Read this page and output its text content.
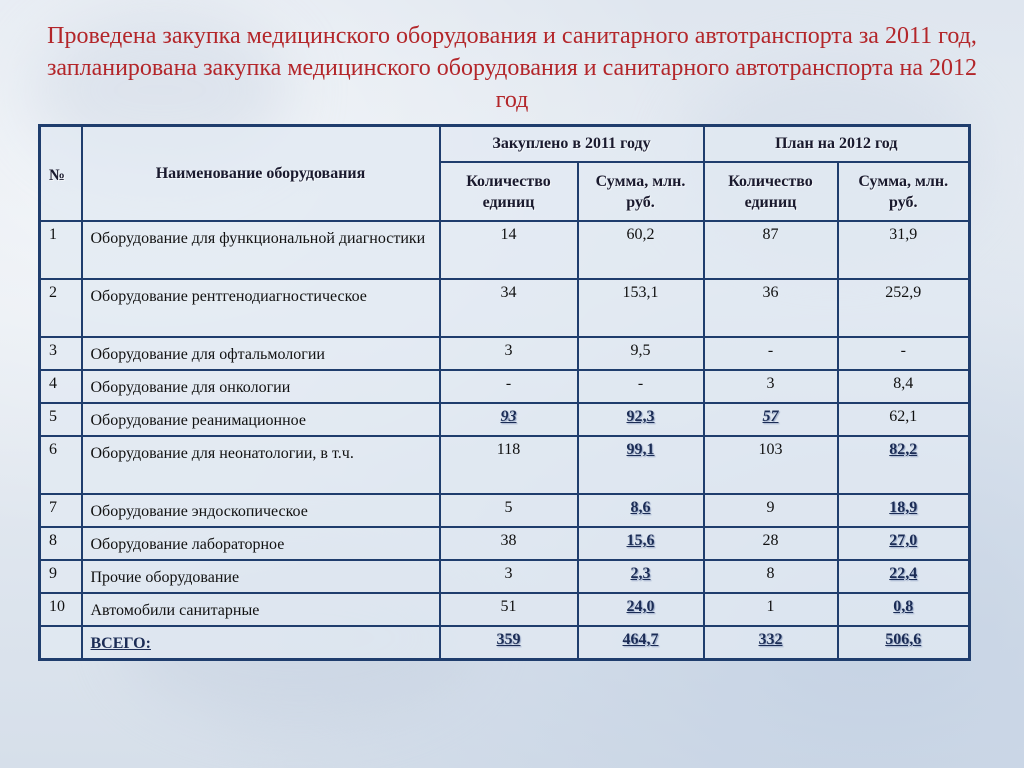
Проведена закупка медицинского оборудования и санитарного автотранспорта за 2011 год, запланирована закупка медицинского оборудования и санитарного автотранспорта на 2012 год
№	Наименование оборудования	Закуплено в 2011 году		План на 2012 год	
		Количество единиц	Сумма, млн. руб.	Количество единиц	Сумма, млн. руб.
1	Оборудование для функциональной диагностики	14	60,2	87	31,9
2	Оборудование рентгенодиагностическое	34	153,1	36	252,9
3	Оборудование для офтальмологии	3	9,5	-	-
4	Оборудование для онкологии	-	-	3	8,4
5	Оборудование реанимационное	93	92,3	57	62,1
6	Оборудование для неонатологии, в т.ч.	118	99,1	103	82,2
7	Оборудование эндоскопическое	5	8,6	9	18,9
8	Оборудование лабораторное	38	15,6	28	27,0
9	Прочие оборудование	3	2,3	8	22,4
10	Автомобили санитарные	51	24,0	1	0,8
	ВСЕГО:	359	464,7	332	506,6
